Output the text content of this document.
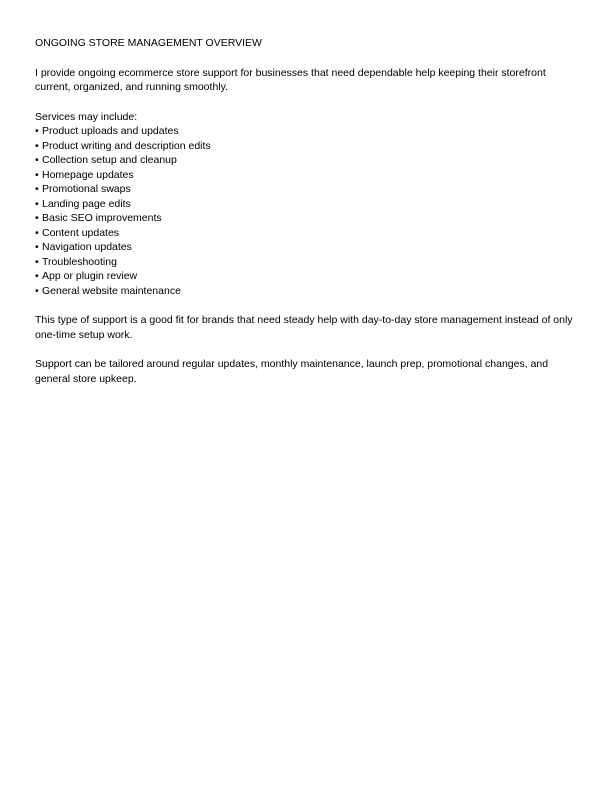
ONGOING STORE MANAGEMENT OVERVIEW

I provide ongoing ecommerce store support for businesses that need dependable help keeping their storefront current, organized, and running smoothly.

Services may include:

• Product uploads and updates
• Product writing and description edits
• Collection setup and cleanup
• Homepage updates
• Promotional swaps
• Landing page edits
• Basic SEO improvements
• Content updates
• Navigation updates
• Troubleshooting
• App or plugin review
• General website maintenance

This type of support is a good fit for brands that need steady help with day-to-day store management instead of only one-time setup work.

Support can be tailored around regular updates, monthly maintenance, launch prep, promotional changes, and general store upkeep.
